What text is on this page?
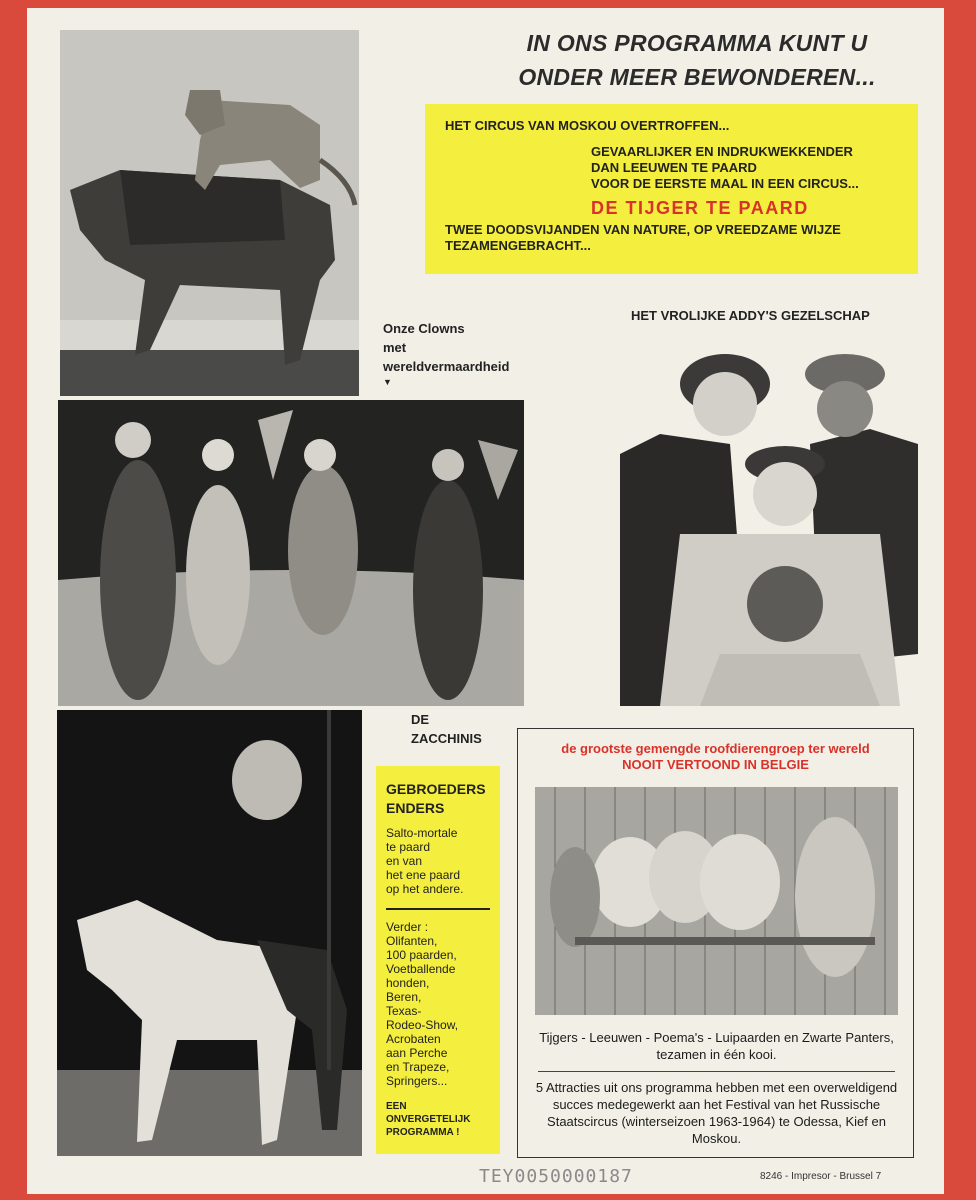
IN ONS PROGRAMMA KUNT U
ONDER MEER BEWONDEREN...
HET CIRCUS VAN MOSKOU OVERTROFFEN...
GEVAARLIJKER EN INDRUKWEKKENDER
DAN LEEUWEN TE PAARD
VOOR DE EERSTE MAAL IN EEN CIRCUS...
DE TIJGER TE PAARD
TWEE DOODSVIJANDEN VAN NATURE, OP VREEDZAME WIJZE
TEZAMENGEBRACHT...
Onze Clowns
met
wereldvermaardheid
▼
HET VROLIJKE ADDY'S GEZELSCHAP
DE
ZACCHINIS
GEBROEDERS
ENDERS
Salto-mortale
te paard
en van
het ene paard
op het andere.
Verder :
Olifanten,
100 paarden,
Voetballende
honden,
Beren,
Texas-
Rodeo-Show,
Acrobaten
aan Perche
en Trapeze,
Springers...
EEN
ONVERGETELIJK
PROGRAMMA !
de grootste gemengde roofdierengroep ter wereld
NOOIT VERTOOND IN BELGIE
Tijgers - Leeuwen - Poema's - Luipaarden en Zwarte Panters, tezamen in één kooi.
5 Attracties uit ons programma hebben met een overweldigend succes medegewerkt aan het Festival van het Russische Staatscircus (winterseizoen 1963-1964) te Odessa, Kief en Moskou.
TEY0050000187	8246 - Impresor - Brussel 7
